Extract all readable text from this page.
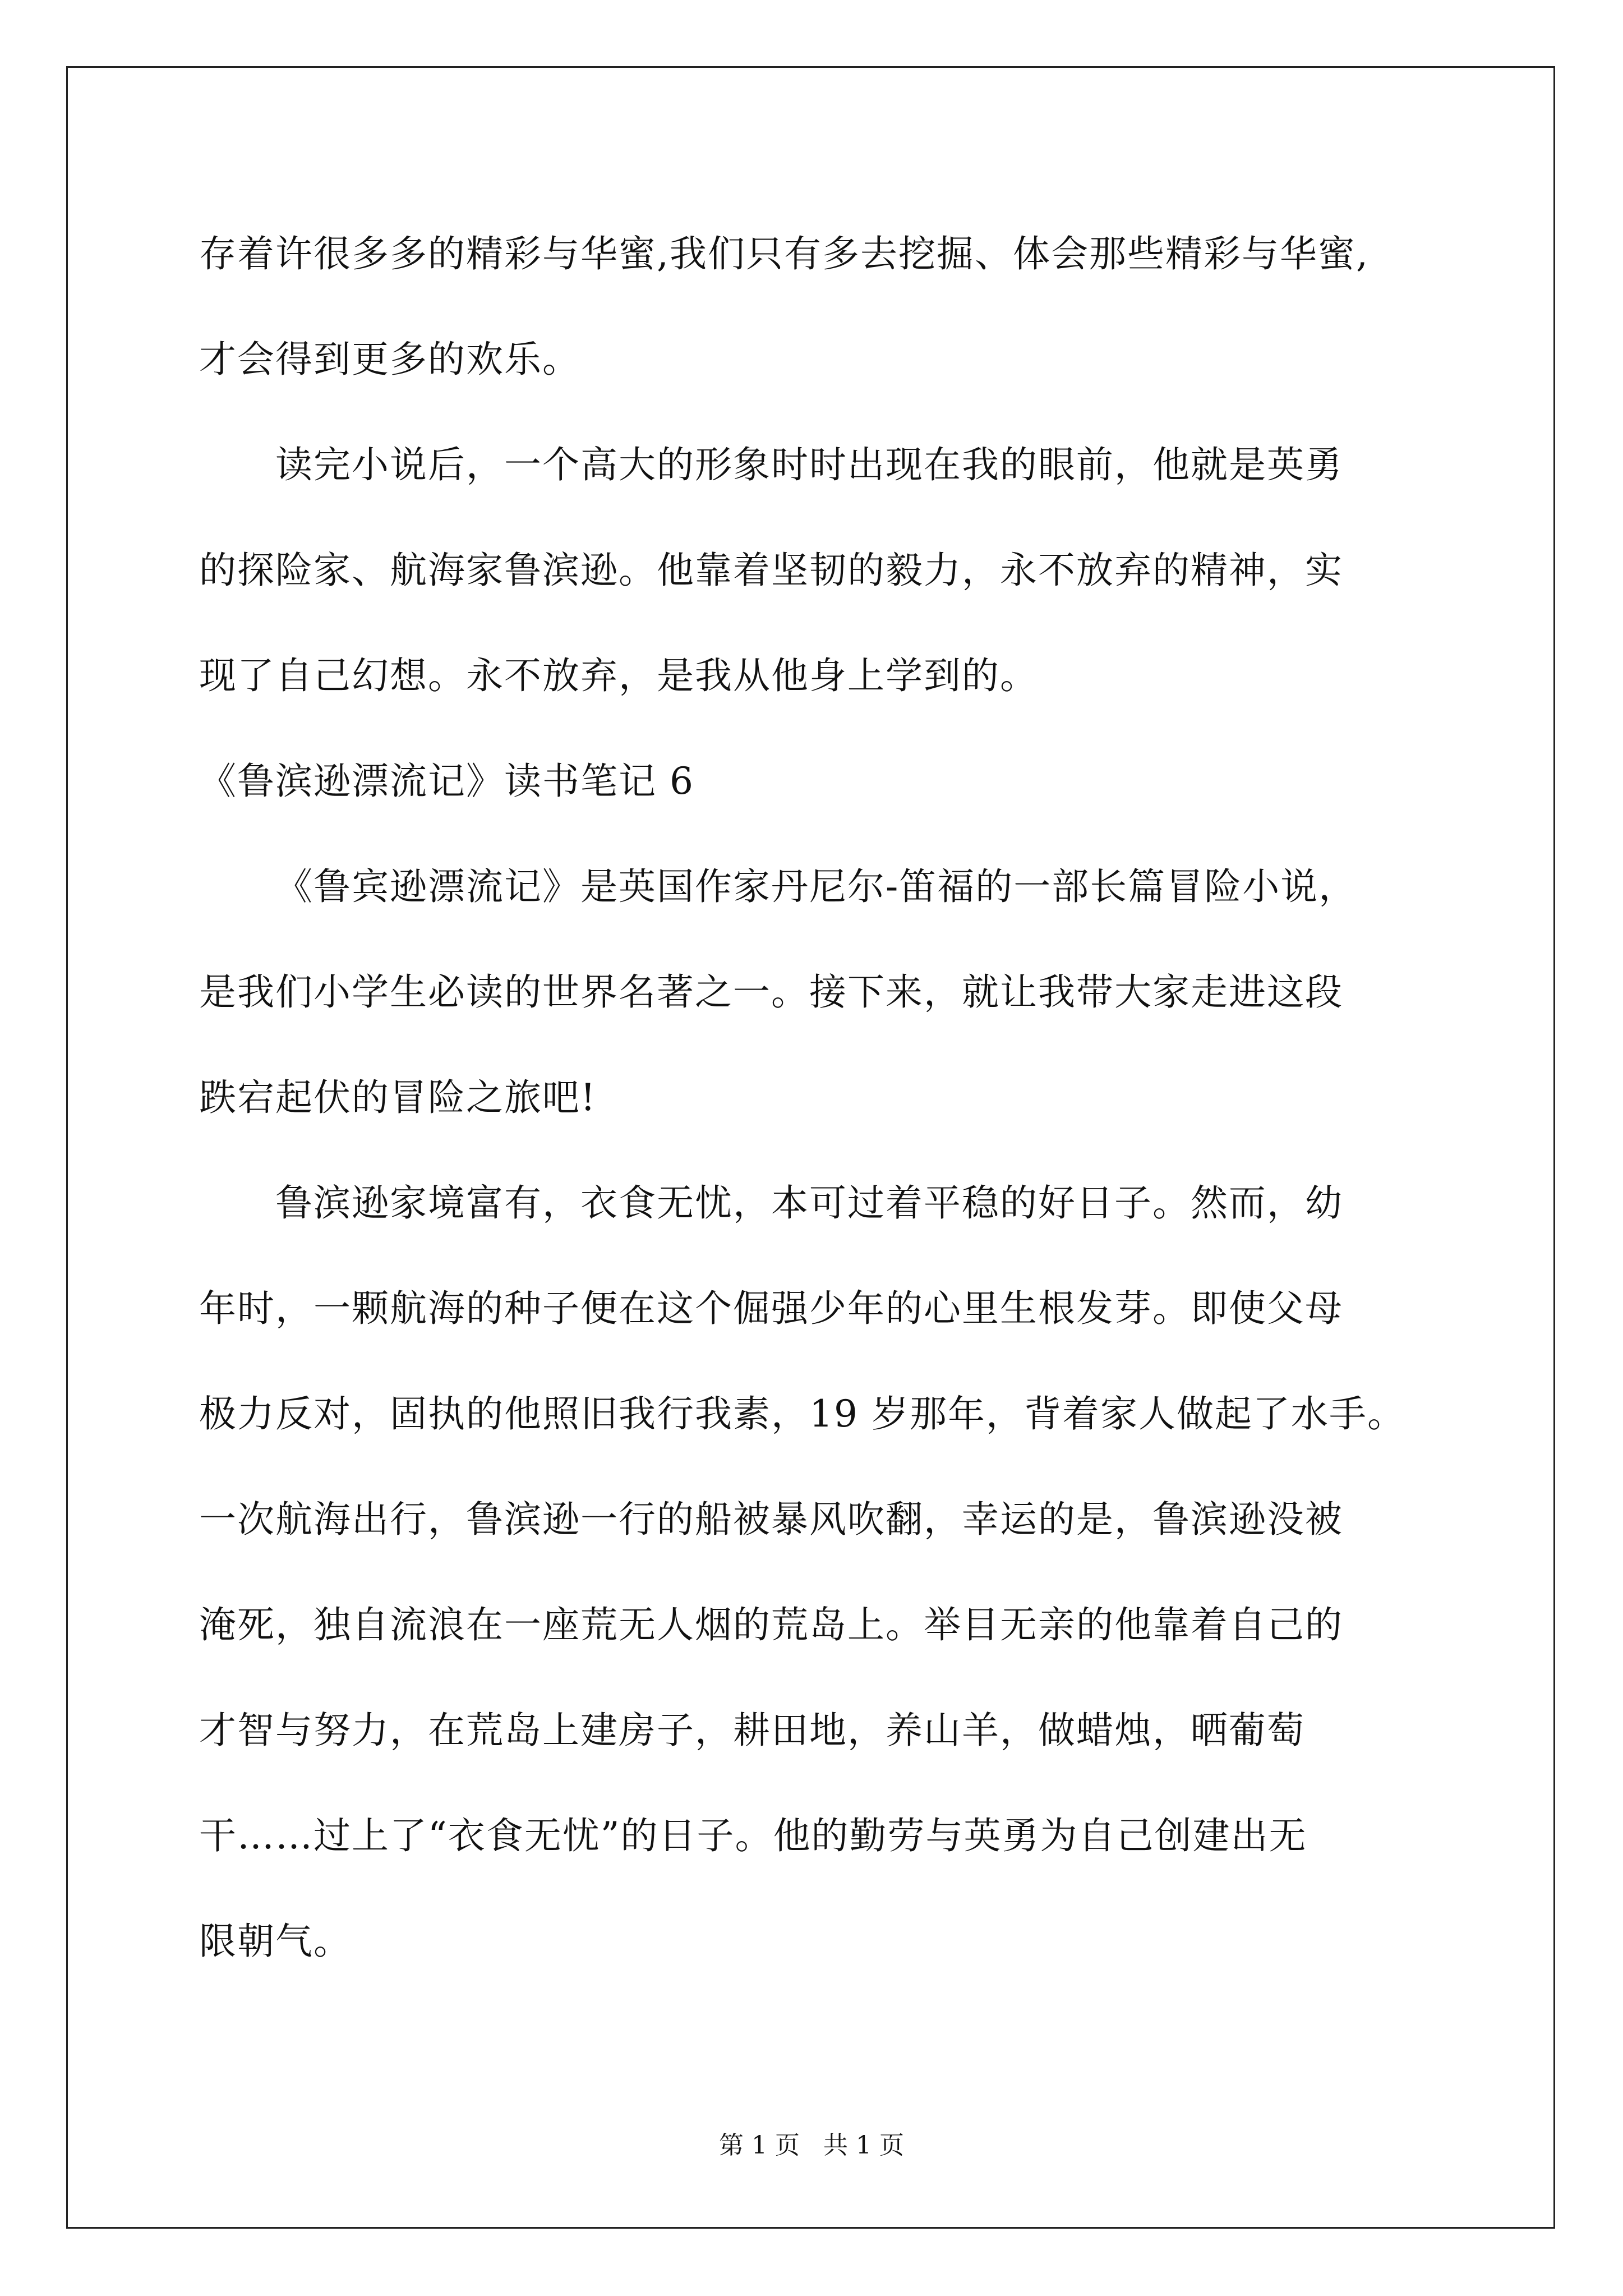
存着许很多多的精彩与华蜜,我们只有多去挖掘、体会那些精彩与华蜜,
才会得到更多的欢乐。
读完小说后，一个高大的形象时时出现在我的眼前，他就是英勇
的探险家、航海家鲁滨逊。他靠着坚韧的毅力，永不放弃的精神，实
现了自己幻想。永不放弃，是我从他身上学到的。
《鲁滨逊漂流记》读书笔记 6
《鲁宾逊漂流记》是英国作家丹尼尔-笛福的一部长篇冒险小说，
是我们小学生必读的世界名著之一。接下来，就让我带大家走进这段
跌宕起伏的冒险之旅吧!
鲁滨逊家境富有，衣食无忧，本可过着平稳的好日子。然而，幼
年时，一颗航海的种子便在这个倔强少年的心里生根发芽。即使父母
极力反对，固执的他照旧我行我素，19 岁那年，背着家人做起了水手。
一次航海出行，鲁滨逊一行的船被暴风吹翻，幸运的是，鲁滨逊没被
淹死，独自流浪在一座荒无人烟的荒岛上。举目无亲的他靠着自己的
才智与努力，在荒岛上建房子，耕田地，养山羊，做蜡烛，晒葡萄
干……过上了“衣食无忧”的日子。他的勤劳与英勇为自己创建出无
限朝气。
第 1 页 共 1 页
